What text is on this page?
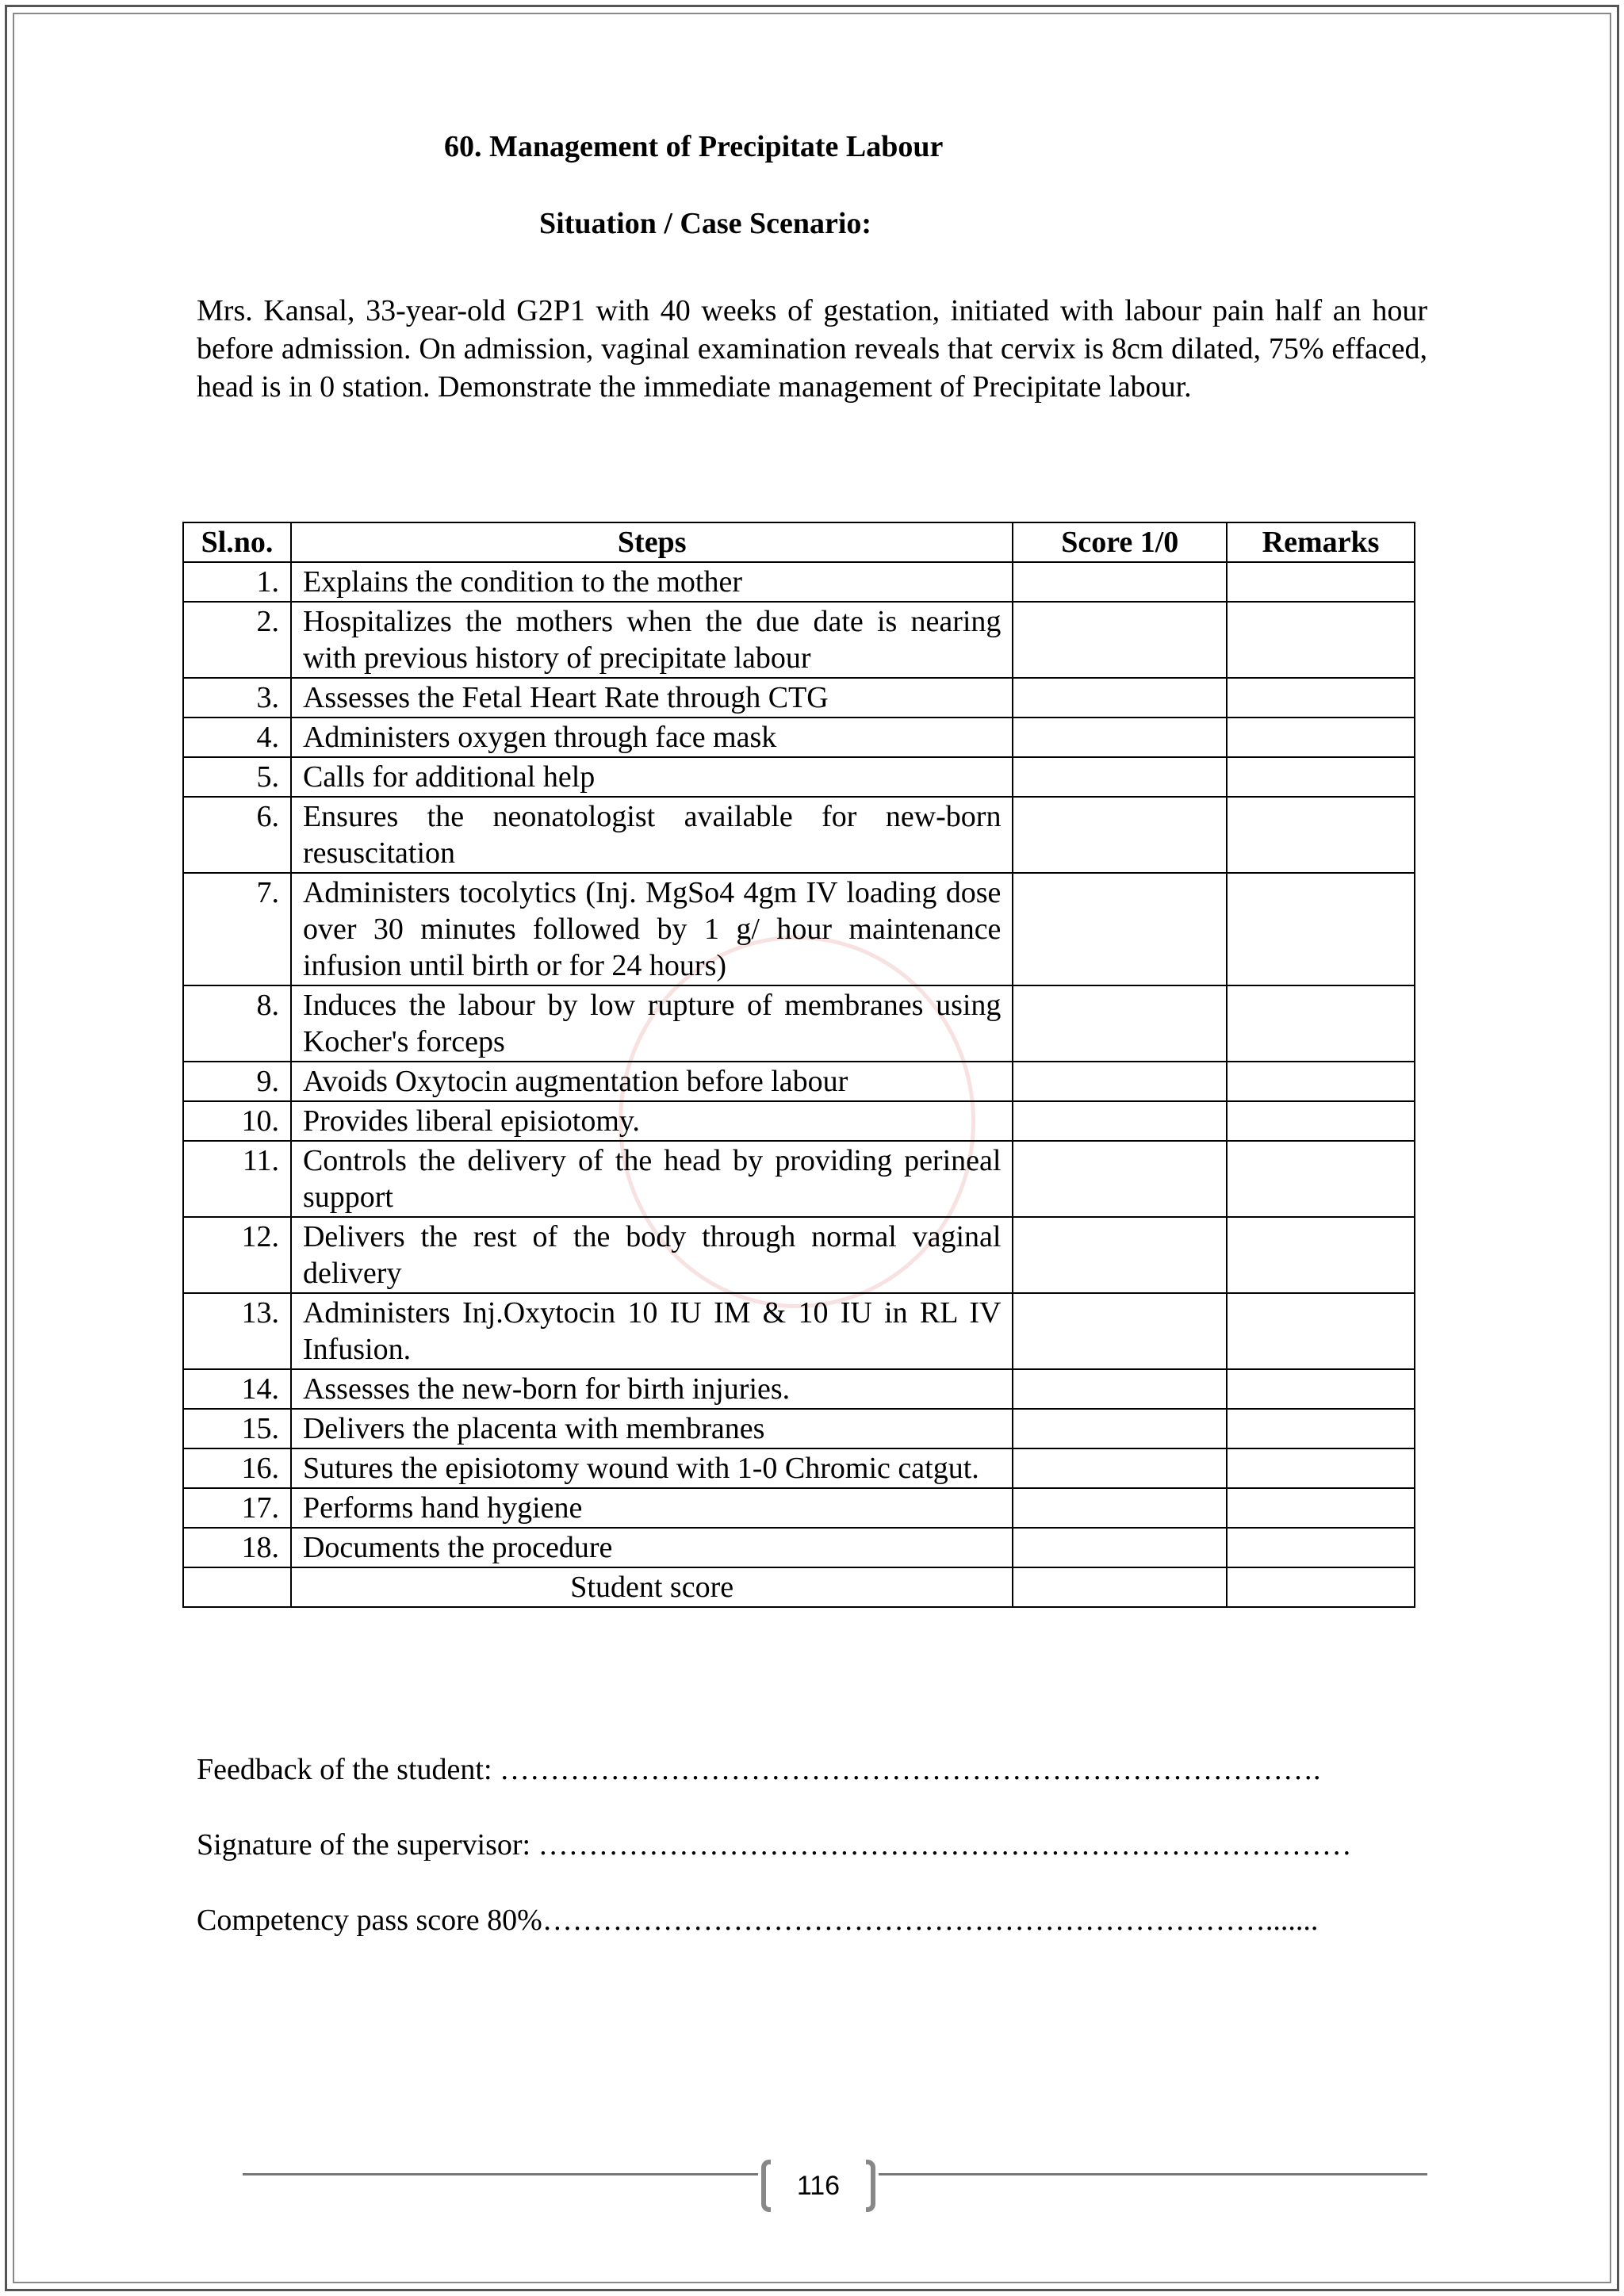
60. Management of Precipitate Labour
Situation / Case Scenario:
Mrs. Kansal, 33-year-old G2P1 with 40 weeks of gestation, initiated with labour pain half an hour before admission. On admission, vaginal examination reveals that cervix is 8cm dilated, 75% effaced, head is in 0 station. Demonstrate the immediate management of Precipitate labour.
Sl.no.	Steps	Score 1/0	Remarks
1.	Explains the condition to the mother		
2.	Hospitalizes the mothers when the due date is nearing with previous history of precipitate labour		
3.	Assesses the Fetal Heart Rate through CTG		
4.	Administers oxygen through face mask		
5.	Calls for additional help		
6.	Ensures the neonatologist available for new-born resuscitation		
7.	Administers tocolytics (Inj. MgSo4 4gm IV loading dose over 30 minutes followed by 1 g/ hour maintenance infusion until birth or for 24 hours)		
8.	Induces the labour by low rupture of membranes using Kocher's forceps		
9.	Avoids Oxytocin augmentation before labour		
10.	Provides liberal episiotomy.		
11.	Controls the delivery of the head by providing perineal support		
12.	Delivers the rest of the body through normal vaginal delivery		
13.	Administers Inj.Oxytocin 10 IU IM & 10 IU in RL IV Infusion.		
14.	Assesses the new-born for birth injuries.		
15.	Delivers the placenta with membranes		
16.	Sutures the episiotomy wound with 1-0 Chromic catgut.		
17.	Performs hand hygiene		
18.	Documents the procedure		
	Student score		
Feedback of the student: ……………………………………………………………………….
Signature of the supervisor: ………………………………………………………………………
Competency pass score 80%……………………………………………………………….......
116
